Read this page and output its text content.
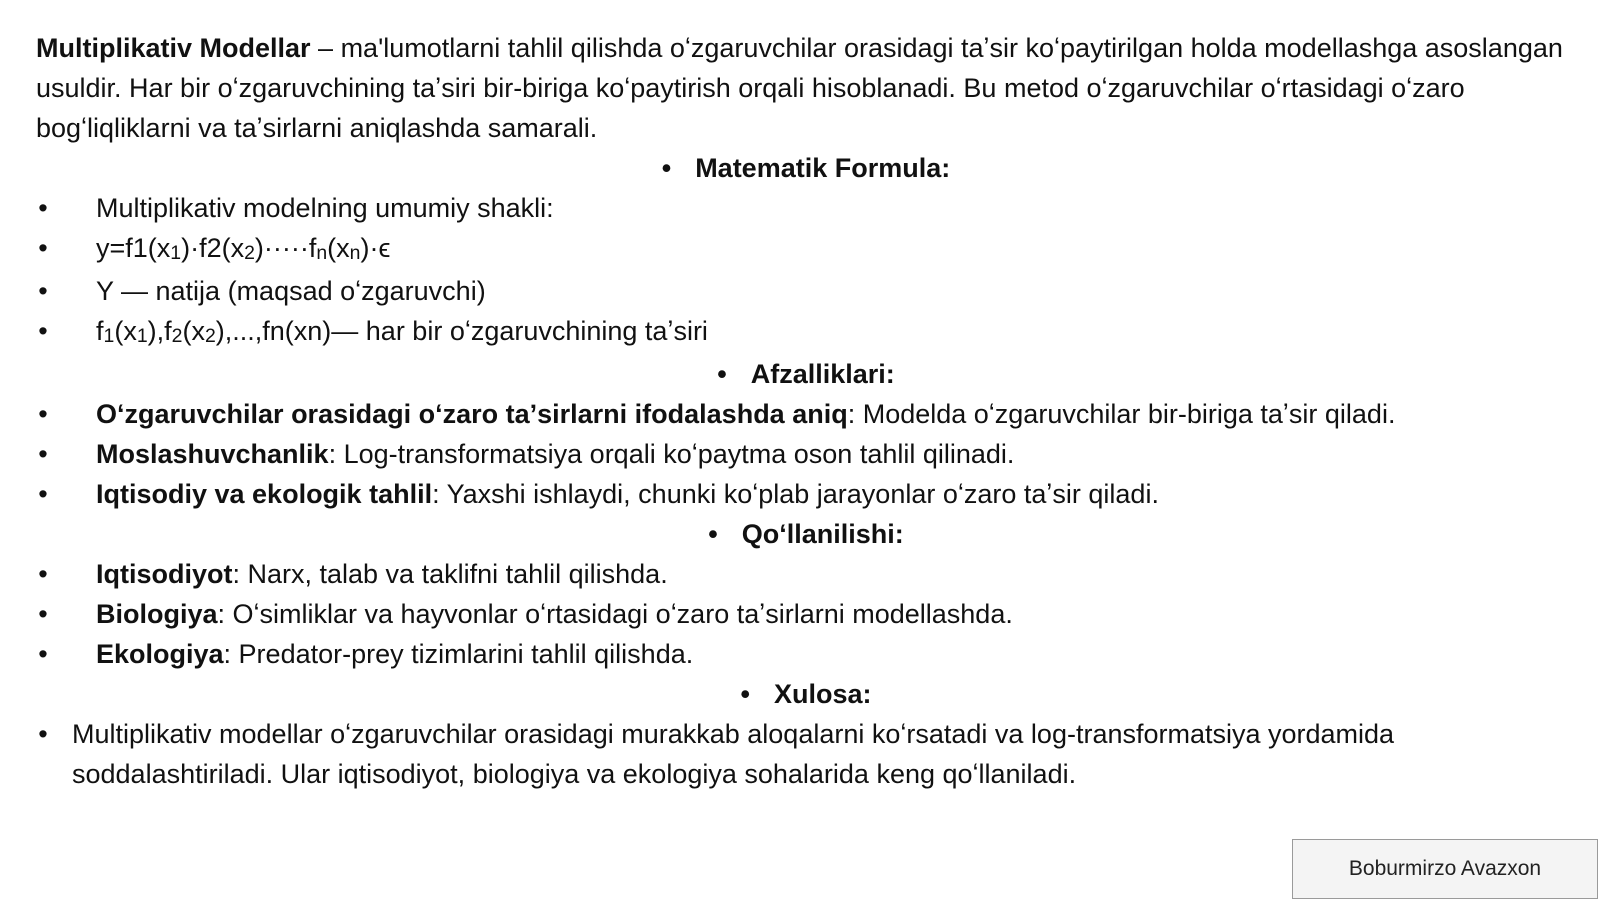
Multiplikativ Modellar – ma'lumotlarni tahlil qilishda oʻzgaruvchilar orasidagi taʼsir koʻpaytirilgan holda modellashga asoslangan usuldir. Har bir oʻzgaruvchining taʼsiri bir-biriga koʻpaytirish orqali hisoblanadi. Bu metod oʻzgaruvchilar oʻrtasidagi oʻzaro bogʻliqliklarni va taʼsirlarni aniqlashda samarali.

• Matematik Formula:

• Multiplikativ modelning umumiy shakli:
• $y=f1(x_1)\cdot f2(x_2)\cdot\cdot\cdot\cdot\cdot f_n(x_n)\cdot\epsilon$
• Y — natija (maqsad oʻzgaruvchi)
• $f_1(x_1),f_2(x_2),...,fn(xn)—$ har bir oʻzgaruvchining taʼsiri

• Afzalliklari:

• Oʻzgaruvchilar orasidagi oʻzaro taʼsirlarni ifodalashda aniq: Modelda oʻzgaruvchilar bir-biriga taʼsir qiladi.
• Moslashuvchanlik: Log-transformatsiya orqali koʻpaytma oson tahlil qilinadi.
• Iqtisodiy va ekologik tahlil: Yaxshi ishlaydi, chunki koʻplab jarayonlar oʻzaro taʼsir qiladi.

• Qoʻllanilishi:

• Iqtisodiyot: Narx, talab va taklifni tahlil qilishda.
• Biologiya: Oʻsimliklar va hayvonlar oʻrtasidagi oʻzaro taʼsirlarni modellashda.
• Ekologiya: Predator-prey tizimlarini tahlil qilishda.

• Xulosa:

• Multiplikativ modellar oʻzgaruvchilar orasidagi murakkab aloqalarni koʻrsatadi va log-transformatsiya yordamida soddalashtiriladi. Ular iqtisodiyot, biologiya va ekologiya sohalarida keng qoʻllaniladi.
Boburmirzo Avazxon
